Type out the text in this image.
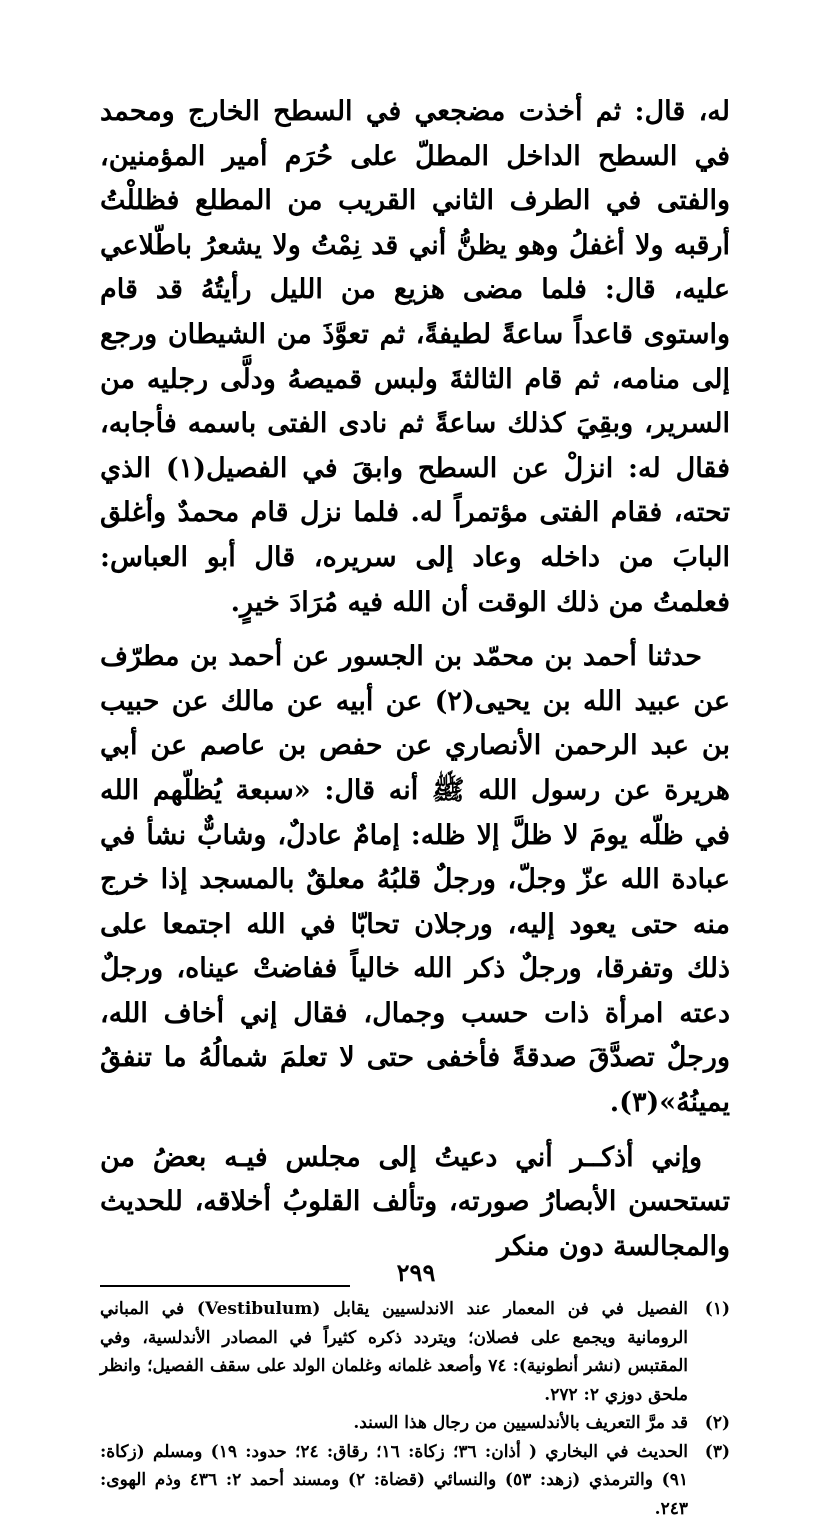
له، قال: ثم أخذت مضجعي في السطح الخارج ومحمد في السطح الداخل المطلّ على حُرَم أمير المؤمنين، والفتى في الطرف الثاني القريب من المطلع فظللْتُ أرقبه ولا أغفلُ وهو يظنُّ أني قد نِمْتُ ولا يشعرُ باطّلاعي عليه، قال: فلما مضى هزيع من الليل رأيتُهُ قد قام واستوى قاعداً ساعةً لطيفةً، ثم تعوَّذَ من الشيطان ورجع إلى منامه، ثم قام الثالثةَ ولبس قميصهُ ودلَّى رجليه من السرير، وبقِيَ كذلك ساعةً ثم نادى الفتى باسمه فأجابه، فقال له: انزلْ عن السطح وابقَ في الفصيل(١) الذي تحته، فقام الفتى مؤتمراً له. فلما نزل قام محمدٌ وأغلق البابَ من داخله وعاد إلى سريره، قال أبو العباس: فعلمتُ من ذلك الوقت أن الله فيه مُرَادَ خيرٍ.

حدثنا أحمد بن محمّد بن الجسور عن أحمد بن مطرّف عن عبيد الله بن يحيى(٢) عن أبيه عن مالك عن حبيب بن عبد الرحمن الأنصاري عن حفص بن عاصم عن أبي هريرة عن رسول الله ﷺ أنه قال: «سبعة يُظلّهم الله في ظلّه يومَ لا ظلَّ إلا ظله: إمامٌ عادلٌ، وشابٌّ نشأ في عبادة الله عزّ وجلّ، ورجلٌ قلبُهُ معلقٌ بالمسجد إذا خرج منه حتى يعود إليه، ورجلان تحابّا في الله اجتمعا على ذلك وتفرقا، ورجلٌ ذكر الله خالياً ففاضتْ عيناه، ورجلٌ دعته امرأة ذات حسب وجمال، فقال إني أخاف الله، ورجلٌ تصدَّقَ صدقةً فأخفى حتى لا تعلمَ شمالُهُ ما تنفقُ يمينُهُ»(٣).

وإني أذكــر أني دعيتُ إلى مجلس فيـه بعضُ من تستحسن الأبصارُ صورته، وتألف القلوبُ أخلاقه، للحديث والمجالسة دون منكر

(١)
الفصيل في فن المعمار عند الاندلسيين يقابل (Vestibulum) في المباني الرومانية ويجمع على فصلان؛ ويتردد ذكره كثيراً في المصادر الأندلسية، وفي المقتبس (نشر أنطونية): ٧٤ وأصعد غلمانه وغلمان الولد على سقف الفصيل؛ وانظر ملحق دوزي ٢: ٢٧٢.
(٢)
قد مرَّ التعريف بالأندلسيين من رجال هذا السند.
(٣)
الحديث في البخاري ( أذان: ٣٦؛ زكاة: ١٦؛ رقاق: ٢٤؛ حدود: ١٩) ومسلم (زكاة: ٩١) والترمذي (زهد: ٥٣) والنسائي (قضاة: ٢) ومسند أحمد ٢: ٤٣٦ وذم الهوى: ٢٤٣.
٢٩٩
